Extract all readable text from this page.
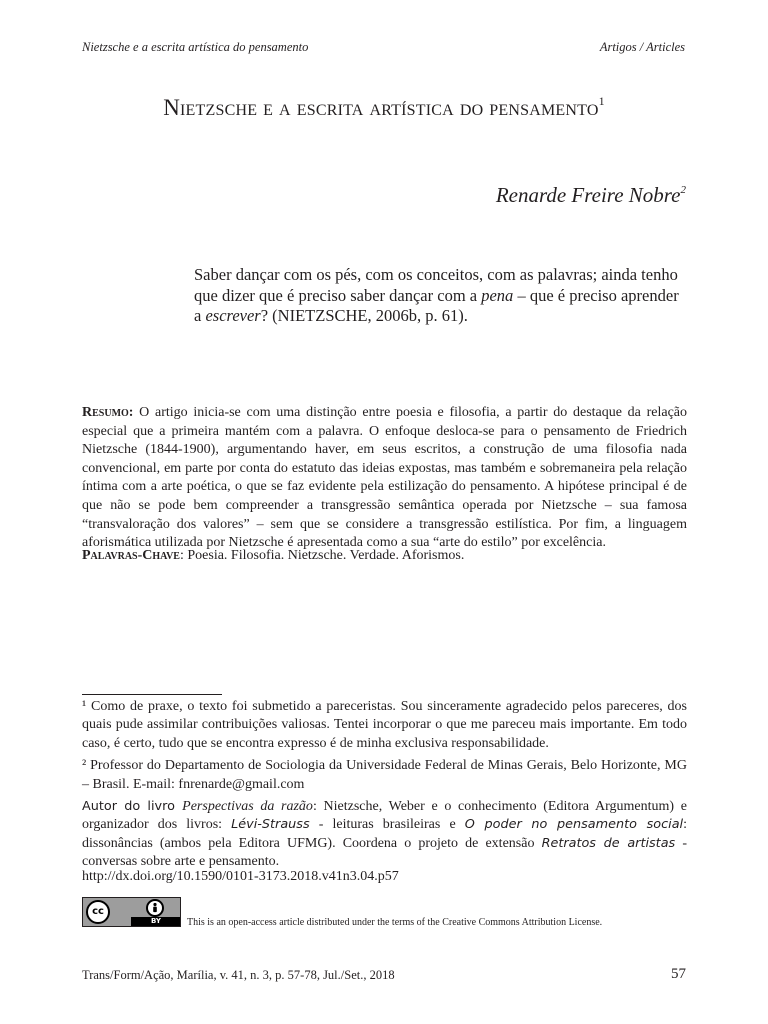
Nietzsche e a escrita artística do pensamento	Artigos / Articles
Nietzsche e a escrita artística do pensamento$^1$
Renarde Freire Nobre$^2$
Saber dançar com os pés, com os conceitos, com as palavras; ainda tenho que dizer que é preciso saber dançar com a pena – que é preciso aprender a escrever? (NIETZSCHE, 2006b, p. 61).
Resumo: O artigo inicia-se com uma distinção entre poesia e filosofia, a partir do destaque da relação especial que a primeira mantém com a palavra. O enfoque desloca-se para o pensamento de Friedrich Nietzsche (1844-1900), argumentando haver, em seus escritos, a construção de uma filosofia nada convencional, em parte por conta do estatuto das ideias expostas, mas também e sobremaneira pela relação íntima com a arte poética, o que se faz evidente pela estilização do pensamento. A hipótese principal é de que não se pode bem compreender a transgressão semântica operada por Nietzsche – sua famosa “transvaloração dos valores” – sem que se considere a transgressão estilística. Por fim, a linguagem aforismática utilizada por Nietzsche é apresentada como a sua “arte do estilo” por excelência.
Palavras-Chave: Poesia. Filosofia. Nietzsche. Verdade. Aforismos.

¹ Como de praxe, o texto foi submetido a pareceristas. Sou sinceramente agradecido pelos pareceres, dos quais pude assimilar contribuições valiosas. Tentei incorporar o que me pareceu mais importante. Em todo caso, é certo, tudo que se encontra expresso é de minha exclusiva responsabilidade.

² Professor do Departamento de Sociologia da Universidade Federal de Minas Gerais, Belo Horizonte, MG – Brasil. E-mail: fnrenarde@gmail.com

Autor do livro Perspectivas da razão: Nietzsche, Weber e o conhecimento (Editora Argumentum) e organizador dos livros: Lévi-Strauss - leituras brasileiras e O poder no pensamento social: dissonâncias (ambos pela Editora UFMG). Coordena o projeto de extensão Retratos de artistas - conversas sobre arte e pensamento.

http://dx.doi.org/10.1590/0101-3173.2018.v41n3.04.p57
cc
BY	This is an open-access article distributed under the terms of the Creative Commons Attribution License.
Trans/Form/Ação, Marília, v. 41, n. 3, p. 57-78, Jul./Set., 2018	57
